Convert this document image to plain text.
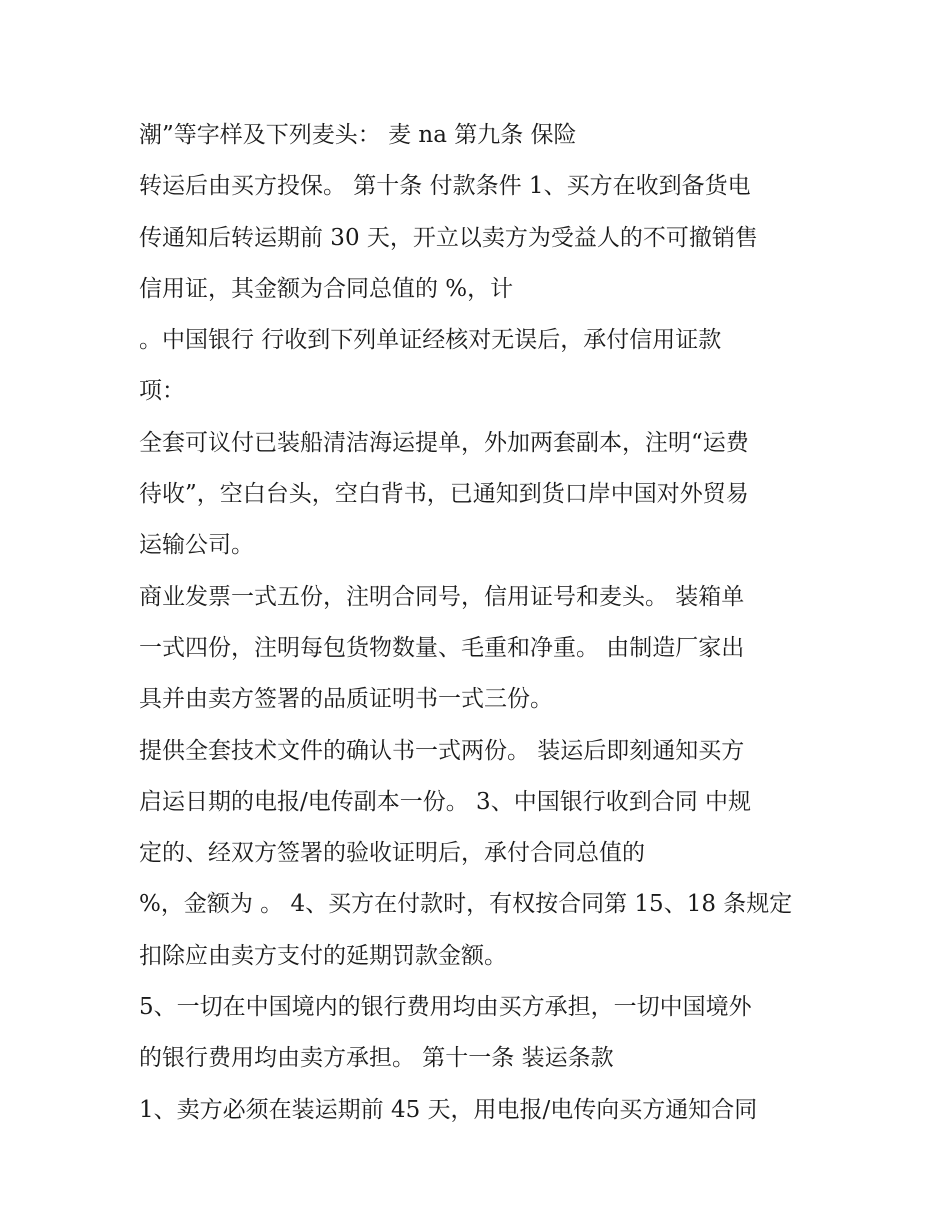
潮”等字样及下列麦头： 麦 na 第九条 保险
转运后由买方投保。 第十条 付款条件 1、买方在收到备货电
传通知后转运期前 30 天，开立以卖方为受益人的不可撤销售
信用证，其金额为合同总值的 %，计
。中国银行 行收到下列单证经核对无误后，承付信用证款
项：
全套可议付已装船清洁海运提单，外加两套副本，注明“运费
待收”，空白台头，空白背书，已通知到货口岸中国对外贸易
运输公司。
商业发票一式五份，注明合同号，信用证号和麦头。 装箱单
一式四份，注明每包货物数量、毛重和净重。 由制造厂家出
具并由卖方签署的品质证明书一式三份。
提供全套技术文件的确认书一式两份。 装运后即刻通知买方
启运日期的电报/电传副本一份。 3、中国银行收到合同 中规
定的、经双方签署的验收证明后，承付合同总值的
%，金额为 。 4、买方在付款时，有权按合同第 15、18 条规定
扣除应由卖方支付的延期罚款金额。
5、一切在中国境内的银行费用均由买方承担，一切中国境外
的银行费用均由卖方承担。 第十一条 装运条款
1、卖方必须在装运期前 45 天，用电报/电传向买方通知合同
